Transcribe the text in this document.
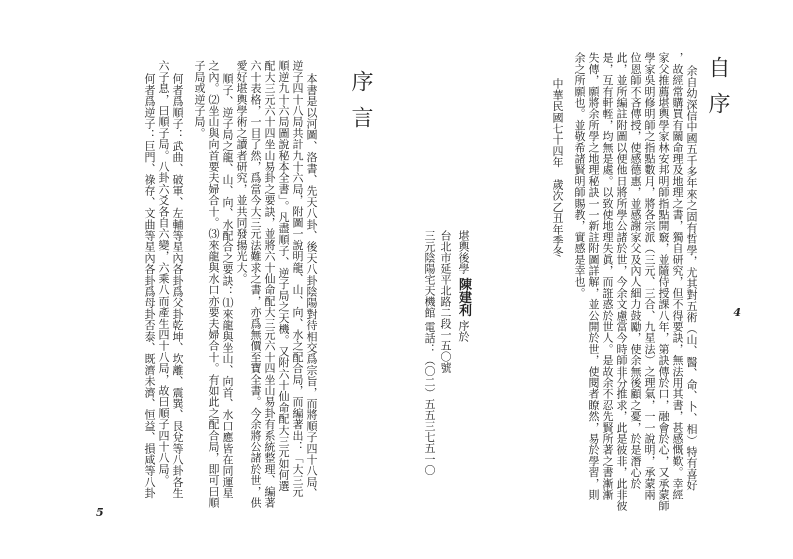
序言
本書是以河圖、洛書、先天八卦、後天八卦陰陽對待相交爲宗旨，而將順子四十八局、
逆子四十八局共計九十六局，附圖一說明龍、山、向、水之配合局，而編著出：「大三元
順逆九十六局圖說秘本全書」。凡盡順子、逆子局之天機。又附六十仙命配大三元如何選
配大三元六十四坐山易卦之要訣，並將六十仙命配大三元六十四坐山易卦有系統整理、編著
六十表格，一目了然，爲當今大三元法難求之書，亦爲無價至寶全書。今余將公諸於世，供
愛好堪輿學術之讀者研究，並共同發揚光大。
順子、逆子局之龍、山、向、水配合之要訣：⑴來龍與坐山、向首、水口應皆在同運星
之內。⑵坐山與向首要夫婦合十。⑶來龍與水口亦要夫婦合十。有如此之配合局，即可曰順
子局或逆子局。
何者爲順子：武曲、破軍、左輔等星內各卦爲父卦乾坤、坎離、震巽、艮兌等八卦各生
六子息，曰順子局。八卦六爻各自六變，六乘八而產生四十八局，故曰順子四十八局。
何者爲逆子：巨門、祿存、文曲等星內各卦爲母卦否泰、既濟未濟、恒益、損咸等八卦
5
自序
余自幼深信中國五千多年來之固有哲學，尤其對五術（山、醫、命、卜、相）特有喜好
，故經常購買有關命理及地理之書，獨自研究，但不得要訣，無法用其書，甚感慨歎。幸經
家父推薦堪輿學家林安邦明師指點開竅，並隨侍授課八年，第訣傳於口，融會於心，又承蒙師
學家吳明修明師之指點數月，將各宗派（三元、三合、九星法）之理氣，一一說明，承蒙兩
位恩師不吝傳授，使感德惠，並感謝家父及內人細力鼓勵，使余無後顧之憂，於是潛心於
此，並所編註附圖以便他日將所學公諸於世，今余文慮當今時師非分推求，此是彼非，此非彼
是，互有軒輊，均無是處。以致使地理失眞，而誑惑於世人。是故余不忍先賢所著之書漸漸
失傳，願將余所學之地理秘訣一一新註附圖詳解，並公開於世，使閱者瞭然，易於學習，則
余之所願也。並敬希諸賢明師賜教，實感是幸也。
中華民國七十四年　歲次乙丑年季冬
堪輿後學 陳建利 序於
台北市延平北路二段一五〇號
三元陰陽宅天機館 電話：（〇二）五五三七五一〇
4
